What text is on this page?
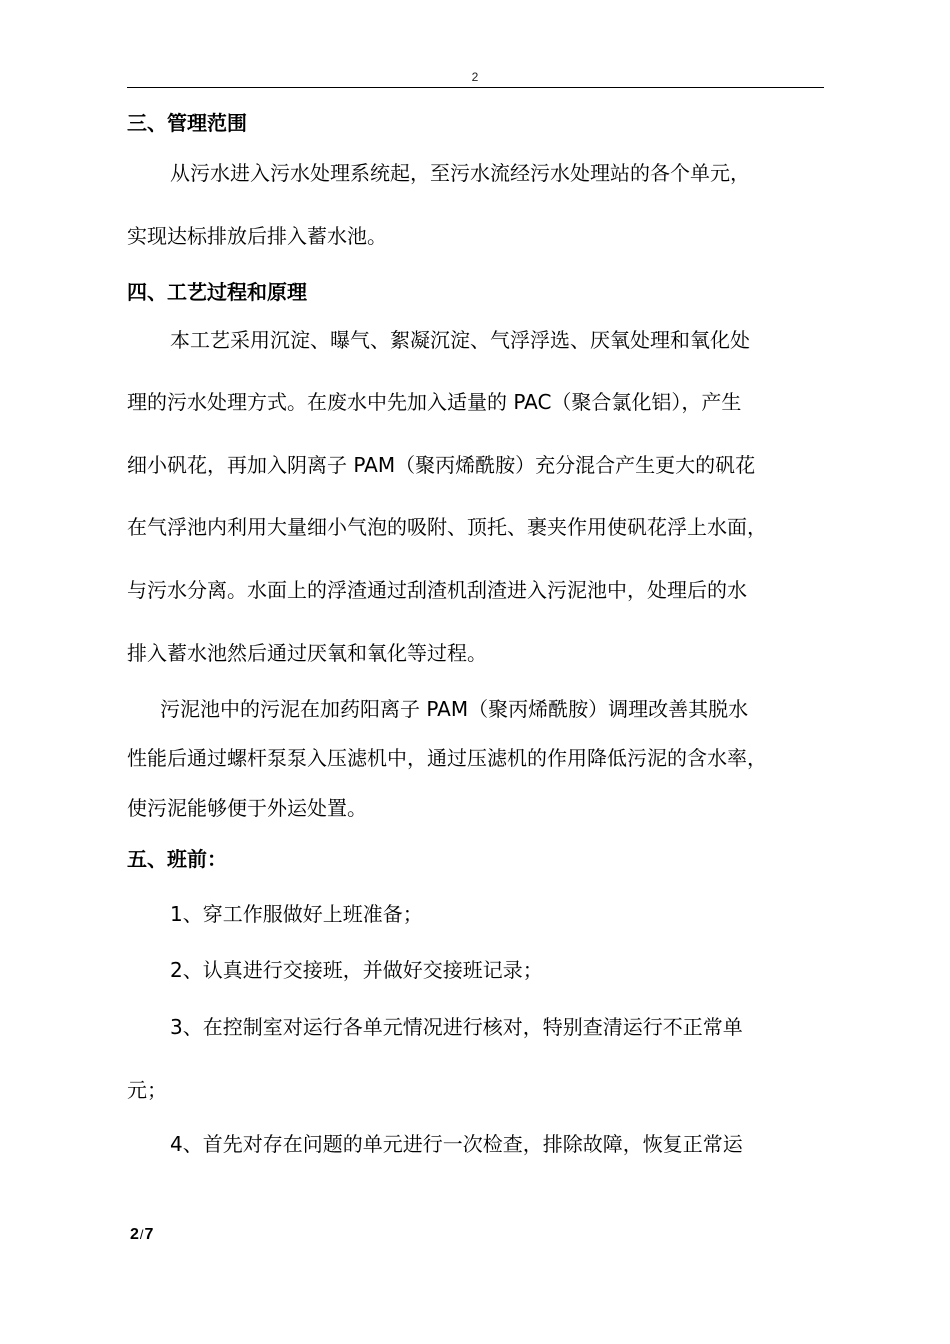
2
三、管理范围
从污水进入污水处理系统起，至污水流经污水处理站的各个单元，
实现达标排放后排入蓄水池。
四、工艺过程和原理
本工艺采用沉淀、曝气、絮凝沉淀、气浮浮选、厌氧处理和氧化处
理的污水处理方式。在废水中先加入适量的 PAC（聚合氯化铝），产生
细小矾花，再加入阴离子 PAM（聚丙烯酰胺）充分混合产生更大的矾花
在气浮池内利用大量细小气泡的吸附、顶托、裹夹作用使矾花浮上水面，
与污水分离。水面上的浮渣通过刮渣机刮渣进入污泥池中，处理后的水
排入蓄水池然后通过厌氧和氧化等过程。
污泥池中的污泥在加药阳离子 PAM（聚丙烯酰胺）调理改善其脱水
性能后通过螺杆泵泵入压滤机中，通过压滤机的作用降低污泥的含水率，
使污泥能够便于外运处置。
五、班前：
1、穿工作服做好上班准备；
2、认真进行交接班，并做好交接班记录；
3、在控制室对运行各单元情况进行核对，特别查清运行不正常单
元；
4、首先对存在问题的单元进行一次检查，排除故障，恢复正常运
2/7
